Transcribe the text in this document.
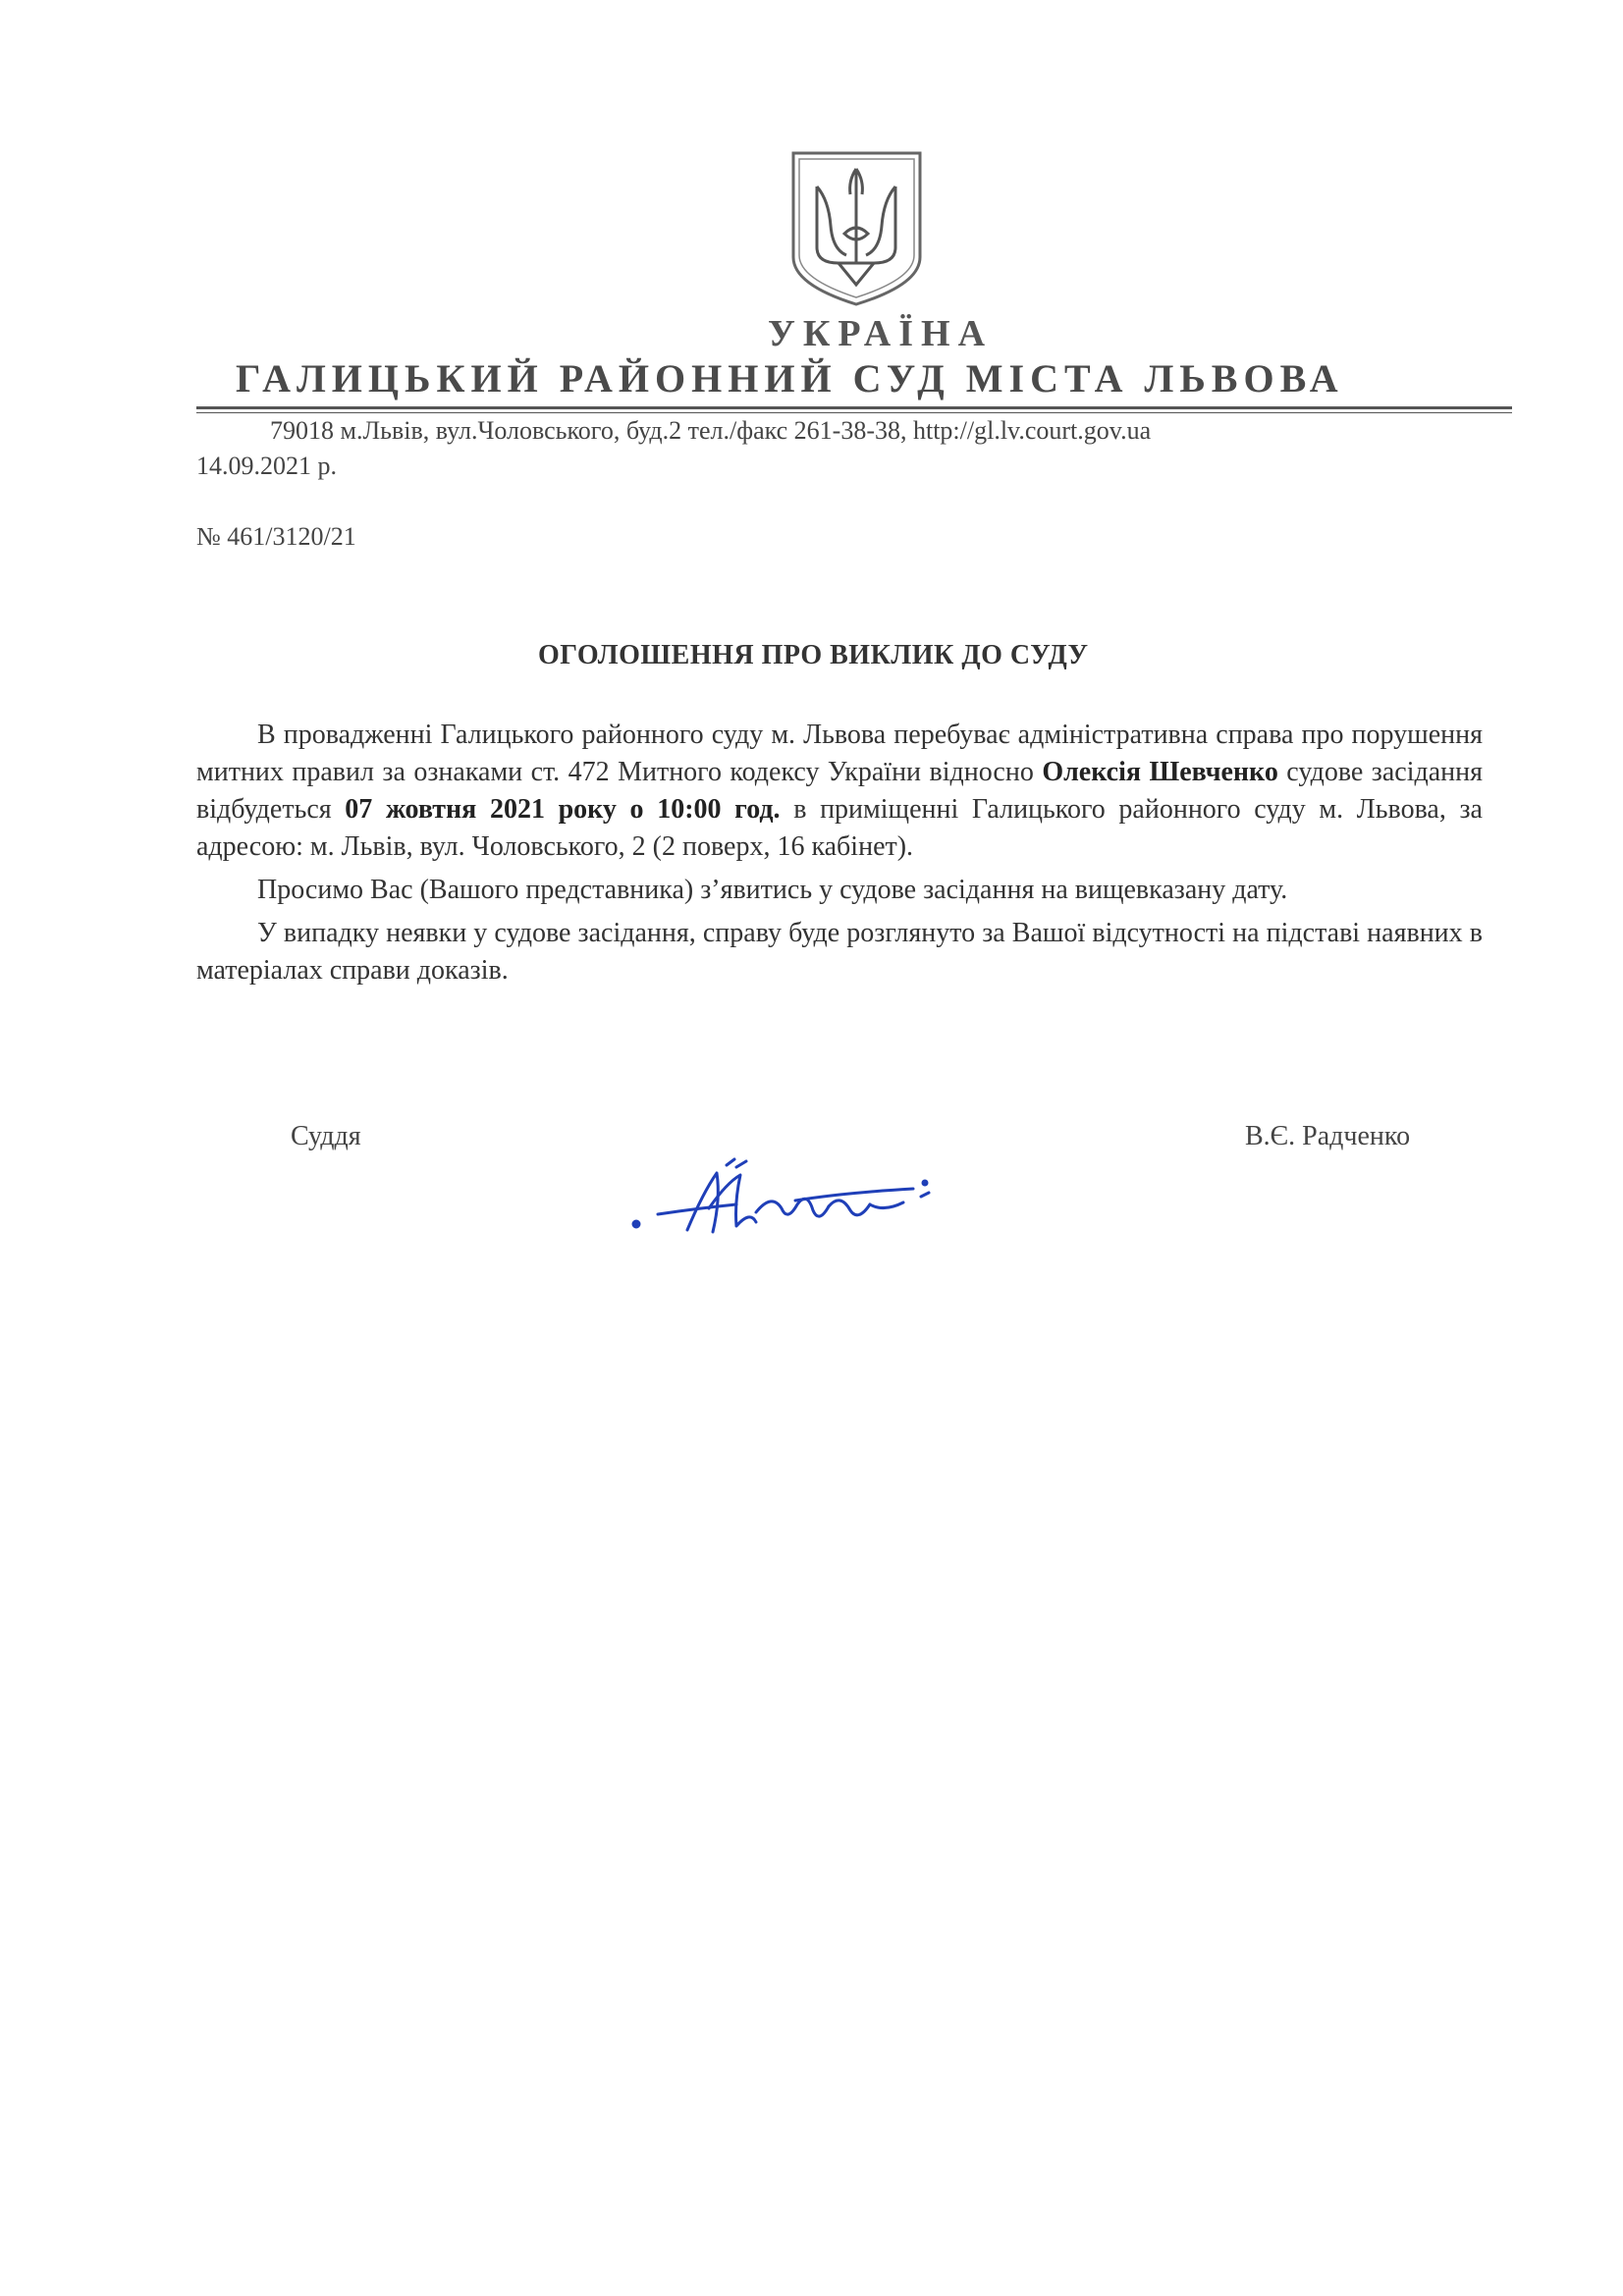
УКРАЇНА
ГАЛИЦЬКИЙ РАЙОННИЙ СУД МІСТА ЛЬВОВА
79018 м.Львів, вул.Чоловського, буд.2 тел./факс 261-38-38, http://gl.lv.court.gov.ua
14.09.2021 р.
№ 461/3120/21
ОГОЛОШЕННЯ ПРО ВИКЛИК ДО СУДУ

В провадженні Галицького районного суду м. Львова перебуває адміністративна справа про порушення митних правил за ознаками ст. 472 Митного кодексу України відносно Олексія Шевченко судове засідання відбудеться 07 жовтня 2021 року о 10:00 год. в приміщенні Галицького районного суду м. Львова, за адресою: м. Львів, вул. Чоловського, 2 (2 поверх, 16 кабінет).

Просимо Вас (Вашого представника) з’явитись у судове засідання на вищевказану дату.

У випадку неявки у судове засідання, справу буде розглянуто за Вашої відсутності на підставі наявних в матеріалах справи доказів.

Суддя	В.Є. Радченко
